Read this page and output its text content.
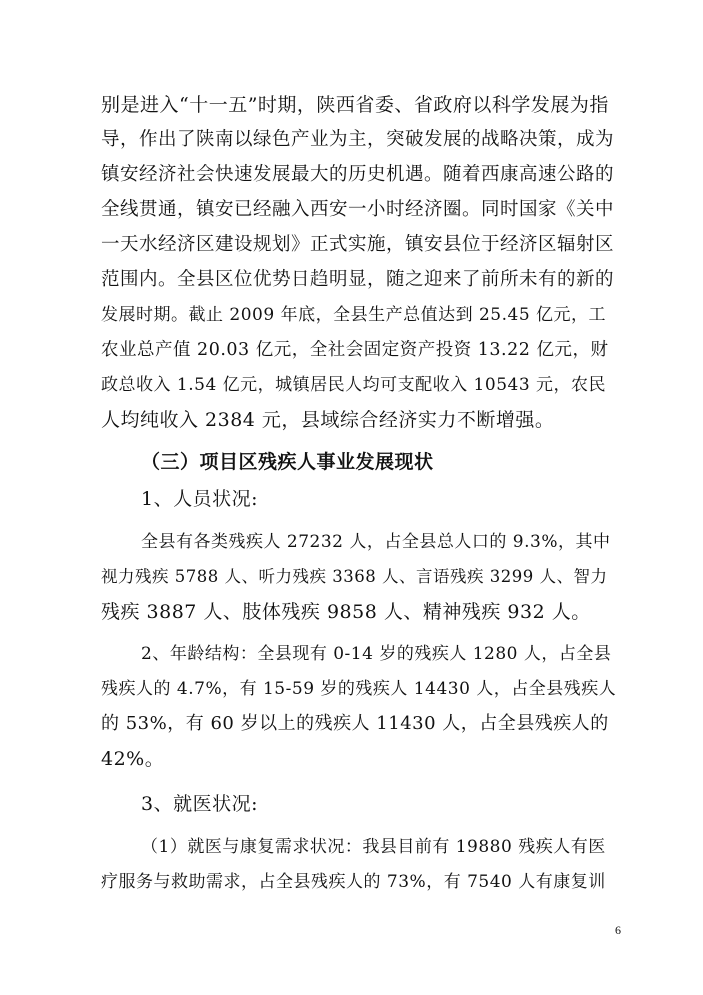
别是进入“十一五”时期，陕西省委、省政府以科学发展为指
导，作出了陕南以绿色产业为主，突破发展的战略决策，成为
镇安经济社会快速发展最大的历史机遇。随着西康高速公路的
全线贯通，镇安已经融入西安一小时经济圈。同时国家《关中
一天水经济区建设规划》正式实施，镇安县位于经济区辐射区
范围内。全县区位优势日趋明显，随之迎来了前所未有的新的
发展时期。截止 2009 年底，全县生产总值达到 25.45 亿元，工
农业总产值 20.03 亿元，全社会固定资产投资 13.22 亿元，财
政总收入 1.54 亿元，城镇居民人均可支配收入 10543 元，农民
人均纯收入 2384 元，县域综合经济实力不断增强。
（三）项目区残疾人事业发展现状
1、人员状况:
全县有各类残疾人 27232 人，占全县总人口的 9.3%，其中
视力残疾 5788 人、听力残疾 3368 人、言语残疾 3299 人、智力
残疾 3887 人、肢体残疾 9858 人、精神残疾 932 人。
2、年龄结构：全县现有 0-14 岁的残疾人 1280 人，占全县
残疾人的 4.7%，有 15-59 岁的残疾人 14430 人，占全县残疾人
的 53%，有 60 岁以上的残疾人 11430 人，占全县残疾人的
42%。
3、就医状况:
（1）就医与康复需求状况：我县目前有 19880 残疾人有医
疗服务与救助需求，占全县残疾人的 73%，有 7540 人有康复训
6
